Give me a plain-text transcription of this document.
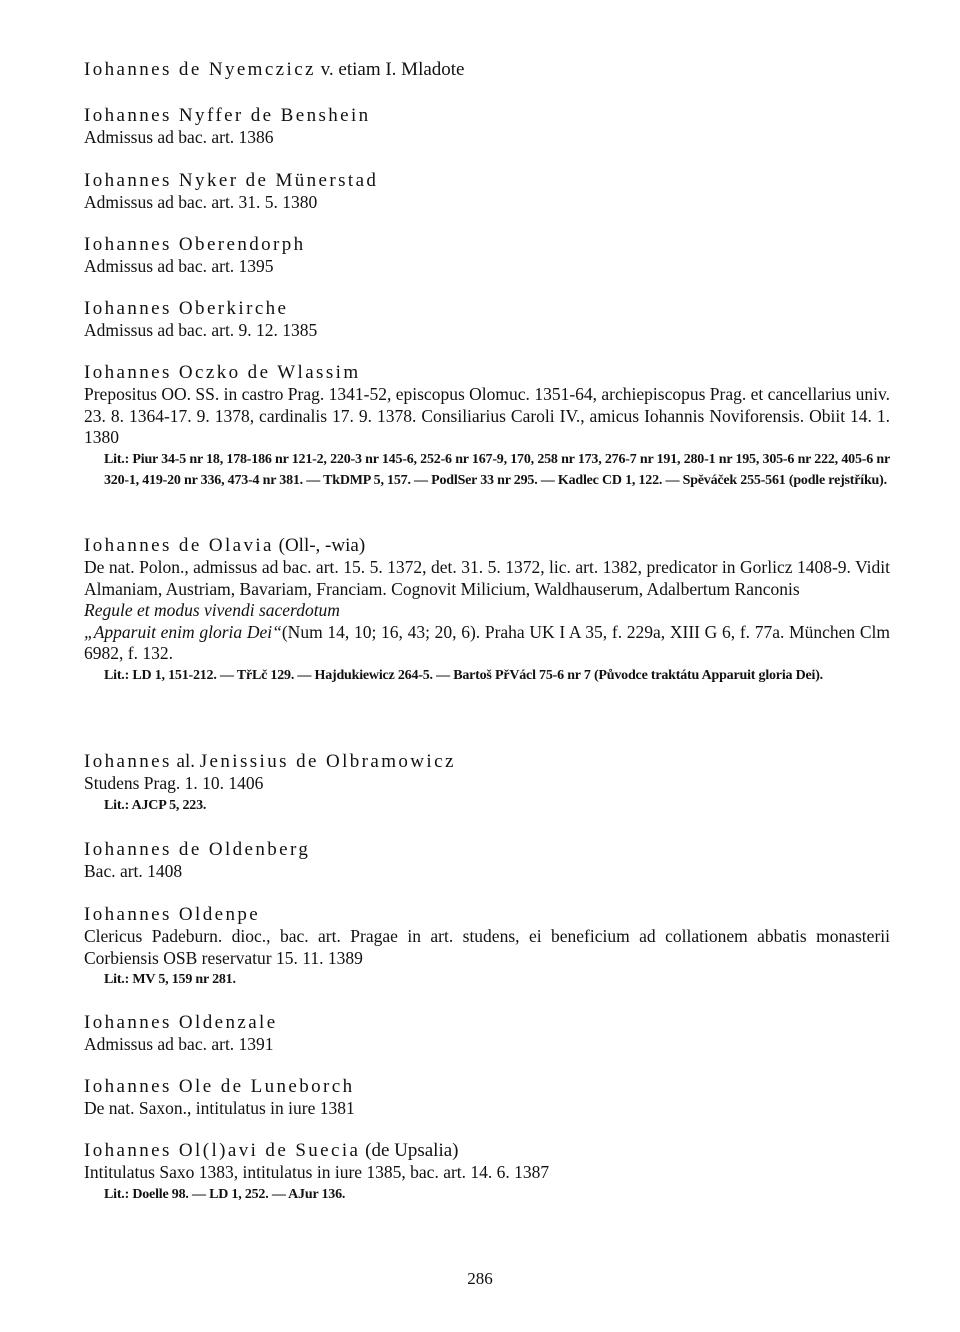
Iohannes de Nyemczicz v. etiam I. Mladote
Iohannes Nyffer de Benshein
Admissus ad bac. art. 1386
Iohannes Nyker de Münerstad
Admissus ad bac. art. 31. 5. 1380
Iohannes Oberendorph
Admissus ad bac. art. 1395
Iohannes Oberkirche
Admissus ad bac. art. 9. 12. 1385
Iohannes Oczko de Wlassim
Prepositus OO. SS. in castro Prag. 1341-52, episcopus Olomuc. 1351-64, archiepiscopus Prag. et cancellarius univ. 23. 8. 1364-17. 9. 1378, cardinalis 17. 9. 1378. Consiliarius Caroli IV., amicus Iohannis Noviforensis. Obiit 14. 1. 1380
Lit.: Piur 34-5 nr 18, 178-186 nr 121-2, 220-3 nr 145-6, 252-6 nr 167-9, 170, 258 nr 173, 276-7 nr 191, 280-1 nr 195, 305-6 nr 222, 405-6 nr 320-1, 419-20 nr 336, 473-4 nr 381. — TkDMP 5, 157. — PodlSer 33 nr 295. — Kadlec CD 1, 122. — Spěváček 255-561 (podle rejstříku).
Iohannes de Olavia (Oll-, -wia)
De nat. Polon., admissus ad bac. art. 15. 5. 1372, det. 31. 5. 1372, lic. art. 1382, predicator in Gorlicz 1408-9. Vidit Almaniam, Austriam, Bavariam, Franciam. Cognovit Milicium, Waldhauserum, Adalbertum Ranconis
Regule et modus vivendi sacerdotum
„Apparuit enim gloria Dei“(Num 14, 10; 16, 43; 20, 6). Praha UK I A 35, f. 229a, XIII G 6, f. 77a. München Clm 6982, f. 132.
Lit.: LD 1, 151-212. — TřLč 129. — Hajdukiewicz 264-5. — Bartoš PřVácl 75-6 nr 7 (Původce traktátu Apparuit gloria Dei).
Iohannes al. Jenissius de Olbramowicz
Studens Prag. 1. 10. 1406
Lit.: AJCP 5, 223.
Iohannes de Oldenberg
Bac. art. 1408
Iohannes Oldenpe
Clericus Padeburn. dioc., bac. art. Pragae in art. studens, ei beneficium ad collationem abbatis monasterii Corbiensis OSB reservatur 15. 11. 1389
Lit.: MV 5, 159 nr 281.
Iohannes Oldenzale
Admissus ad bac. art. 1391
Iohannes Ole de Luneborch
De nat. Saxon., intitulatus in iure 1381
Iohannes Ol(l)avi de Suecia (de Upsalia)
Intitulatus Saxo 1383, intitulatus in iure 1385, bac. art. 14. 6. 1387
Lit.: Doelle 98. — LD 1, 252. — AJur 136.
286
